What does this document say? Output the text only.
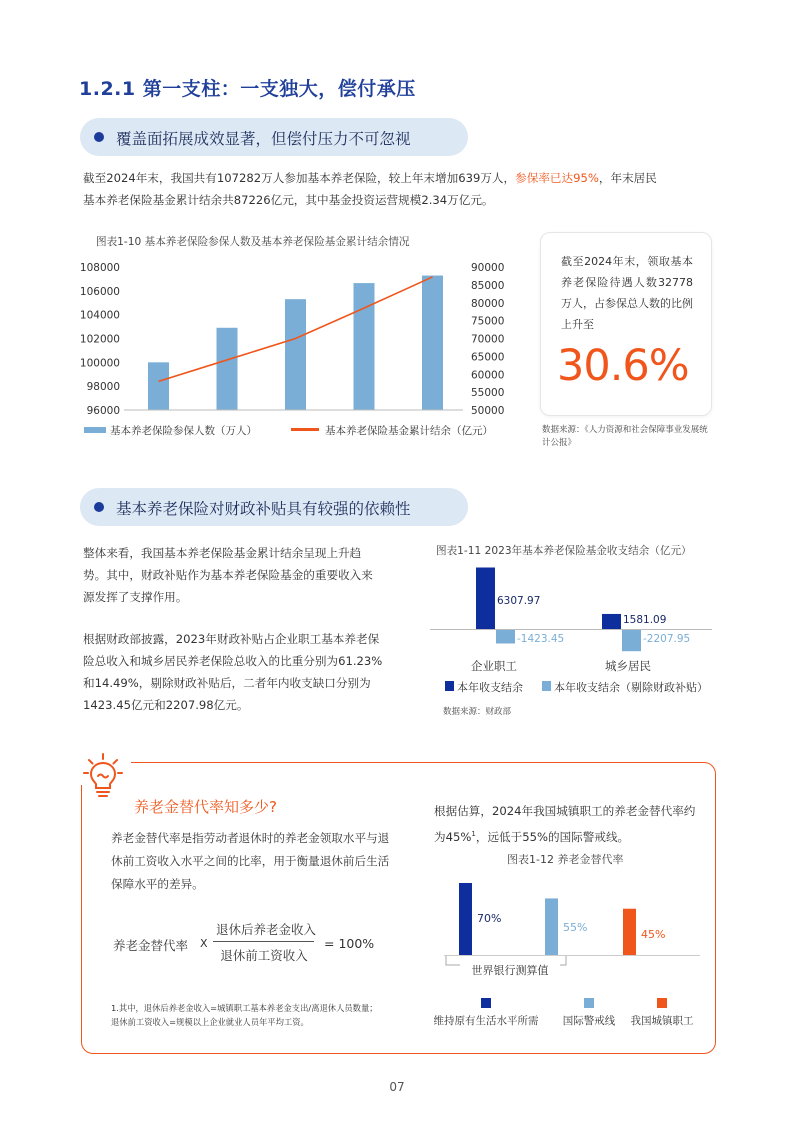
1.2.1 第一支柱：一支独大，偿付承压
覆盖面拓展成效显著，但偿付压力不可忽视
截至2024年末，我国共有107282万人参加基本养老保险，较上年末增加639万人，参保率已达95%，年末居民
基本养老保险基金累计结余共87226亿元，其中基金投资运营规模2.34万亿元。
图表1-10 基本养老保险参保人数及基本养老保险基金累计结余情况
96000
98000
100000
102000
104000
106000
108000
50000
55000
60000
65000
70000
75000
80000
85000
90000
基本养老保险参保人数（万人）	基本养老保险基金累计结余（亿元）
截至2024年末，领取基本养老保险待遇人数32778万人，占参保总人数的比例上升至
30.6%
数据来源：《人力资源和社会保障事业发展统计公报》
基本养老保险对财政补贴具有较强的依赖性
整体来看，我国基本养老保险基金累计结余呈现上升趋势。其中，财政补贴作为基本养老保险基金的重要收入来源发挥了支撑作用。
根据财政部披露，2023年财政补贴占企业职工基本养老保险总收入和城乡居民养老保险总收入的比重分别为61.23%和14.49%，剔除财政补贴后，二者年内收支缺口分别为1423.45亿元和2207.98亿元。
图表1-11 2023年基本养老保险基金收支结余（亿元）
6307.97
-1423.45
1581.09
-2207.95
企业职工	城乡居民
本年收支结余	本年收支结余（剔除财政补贴）
数据来源：财政部
养老金替代率知多少?
养老金替代率是指劳动者退休时的养老金领取水平与退休前工资收入水平之间的比率，用于衡量退休前后生活保障水平的差异。
养老金替代率 X
退休后养老金收入
退休前工资收入
= 100%
1.其中，退休后养老金收入=城镇职工基本养老金支出/离退休人员数量；退休前工资收入=规模以上企业就业人员年平均工资。
根据估算，2024年我国城镇职工的养老金替代率约为45%$^1$，远低于55%的国际警戒线。
图表1-12 养老金替代率
70%
55%
45%
世界银行测算值
维持原有生活水平所需 国际警戒线 我国城镇职工
07
